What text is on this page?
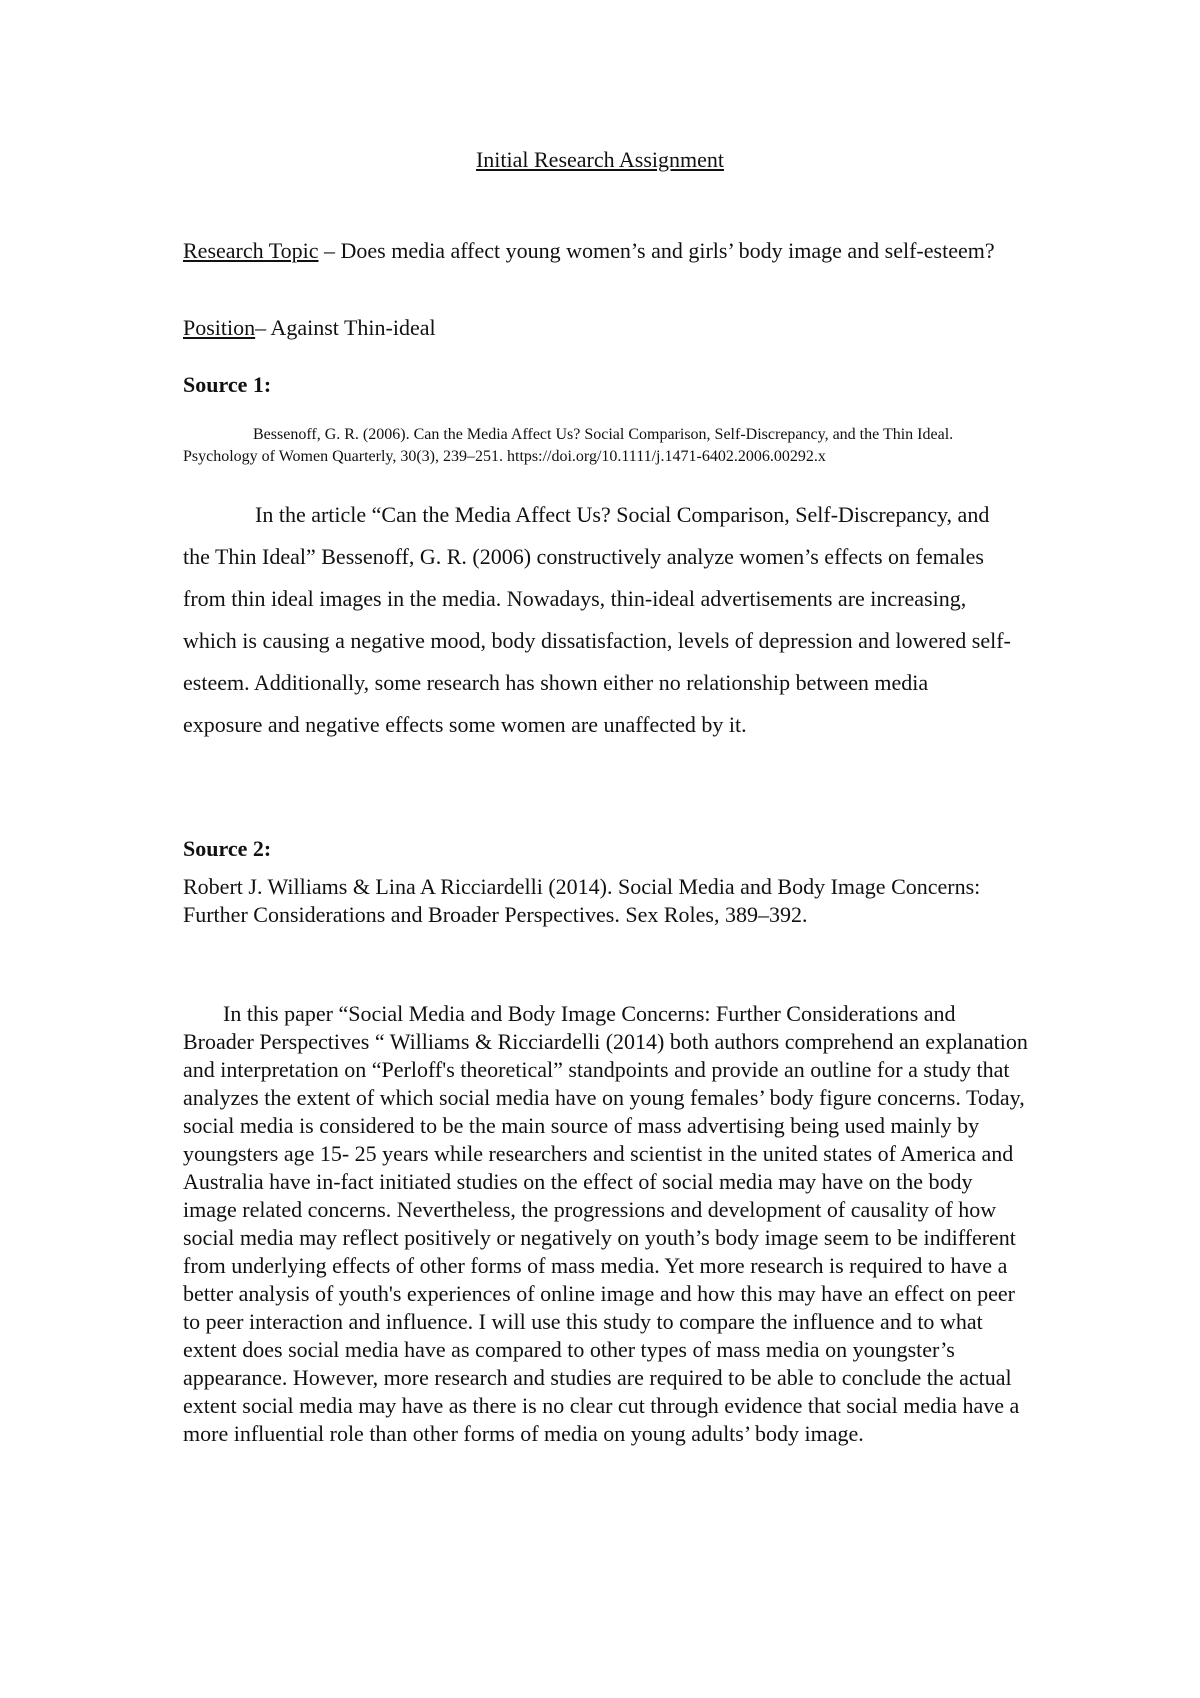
Initial Research Assignment

Research Topic – Does media affect young women’s and girls’ body image and self-esteem?

Position– Against Thin-ideal

Source 1:

Bessenoff, G. R. (2006). Can the Media Affect Us? Social Comparison, Self-Discrepancy, and the Thin Ideal. Psychology of Women Quarterly, 30(3), 239–251. https://doi.org/10.1111/j.1471-6402.2006.00292.x

In the article “Can the Media Affect Us? Social Comparison, Self-Discrepancy, and the Thin Ideal” Bessenoff, G. R. (2006) constructively analyze women’s effects on females from thin ideal images in the media. Nowadays, thin-ideal advertisements are increasing, which is causing a negative mood, body dissatisfaction, levels of depression and lowered self-esteem. Additionally, some research has shown either no relationship between media exposure and negative effects some women are unaffected by it.

Source 2:

Robert J. Williams & Lina A Ricciardelli (2014). Social Media and Body Image Concerns: Further Considerations and Broader Perspectives. Sex Roles, 389–392.

In this paper “Social Media and Body Image Concerns: Further Considerations and Broader Perspectives “ Williams & Ricciardelli (2014) both authors comprehend an explanation and interpretation on “Perloff's theoretical” standpoints and provide an outline for a study that analyzes the extent of which social media have on young females’ body figure concerns. Today, social media is considered to be the main source of mass advertising being used mainly by youngsters age 15- 25 years while researchers and scientist in the united states of America and Australia have in-fact initiated studies on the effect of social media may have on the body image related concerns. Nevertheless, the progressions and development of causality of how social media may reflect positively or negatively on youth’s body image seem to be indifferent from underlying effects of other forms of mass media. Yet more research is required to have a better analysis of youth's experiences of online image and how this may have an effect on peer to peer interaction and influence. I will use this study to compare the influence and to what extent does social media have as compared to other types of mass media on youngster’s appearance. However, more research and studies are required to be able to conclude the actual extent social media may have as there is no clear cut through evidence that social media have a more influential role than other forms of media on young adults’ body image.
